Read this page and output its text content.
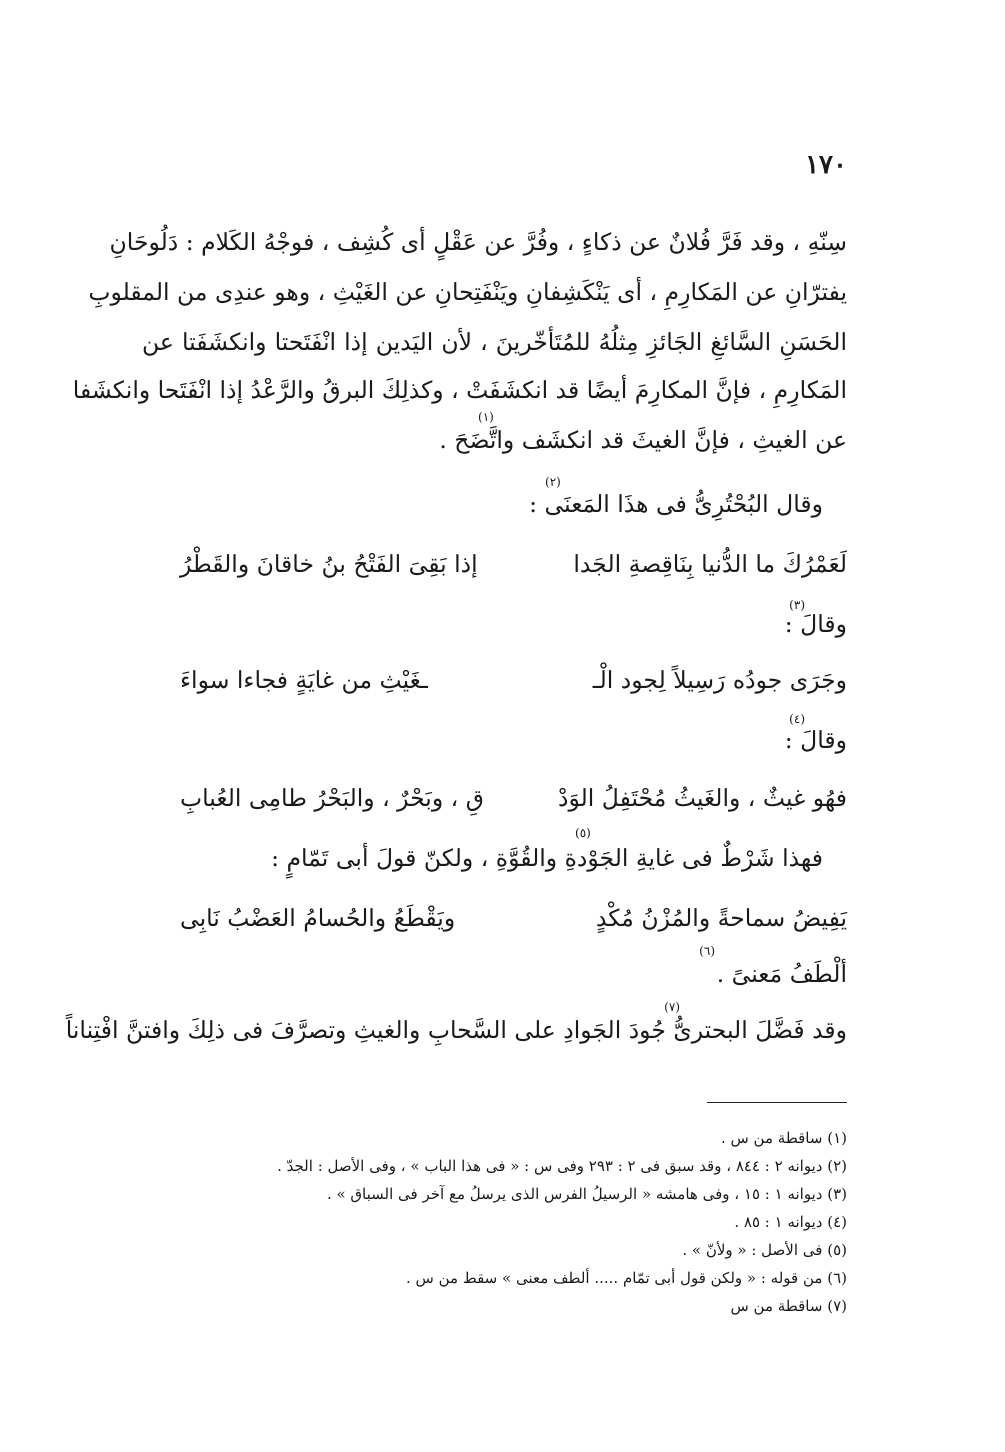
١٧٠
سِنّهِ ، وقد فَرَّ فُلانٌ عن ذكاءٍ ، وفُرَّ عن عَقْلٍ أى كُشِف ، فوجْهُ الكَلام : دَلُوحَانِ
يفترّانِ عن المَكارِمِ ، أى يَنْكَشِفانِ ويَنْفَتِحانِ عن الغَيْثِ ، وهو عندِى من المقلوبِ
الحَسَنِ السَّائغِ الجَائزِ مِثلُهُ للمُتَأخّرينَ ، لأن اليَدين إذا انْفَتَحتا وانكشَفَتا عن
المَكارِمِ ، فإنَّ المكارِمَ أيضًا قد انكشَفَتْ ، وكذلِكَ البرقُ والرَّعْدُ إذا انْفَتَحا وانكشَفا
(١)
عن الغيثِ ، فإنَّ الغيثَ قد انكشَف واتَّضَحَ .
(٢)
وقال البُحْتُرِىُّ فى هذَا المَعنَى :
لَعَمْرُكَ ما الدُّنيا بِنَاقِصةِ الجَدا
إذا بَقِىَ الفَتْحُ بنُ خاقانَ والقَطْرُ
(٣)
وقالَ :
وجَرَى جودُه رَسِيلاً لِجود الْـ
ـغَيْثِ من غايَةٍ فجاءا سواءَ
(٤)
وقالَ :
فهُو غيثٌ ، والغَيثُ مُحْتَفِلُ الوَدْ
قِ ، وبَحْرٌ ، والبَحْرُ طامِى العُبابِ
(٥)
فهذا شَرْطٌ فى غايةِ الجَوْدةِ والقُوَّةِ ، ولكنّ قولَ أبى تَمّامٍ :
يَفِيضُ سماحةً والمُزْنُ مُكْدٍ
ويَقْطَعُ والحُسامُ العَضْبُ نَابِى
(٦)
ألْطَفُ مَعنىً .
(٧)
وقد فَضَّلَ البحترىُّ جُودَ الجَوادِ على السَّحابِ والغيثِ وتصرَّفَ فى ذلِكَ وافتنَّ افْتِناناً
(١) ساقطة من س .
(٢) ديوانه ٢ : ٨٤٤ ، وقد سبق فى ٢ : ٢٩٣ وفى س : « فى هذا الباب » ، وفى الأصل : الجدّ .
(٣) ديوانه ١ : ١٥ ، وفى هامشه « الرسيلُ الفرس الذى يرسلُ مع آخر فى السباق » .
(٤) ديوانه ١ : ٨٥ .
(٥) فى الأصل : « ولأنّ » .
(٦) من قوله : « ولكن قول أبى تمّام ..... ألطف معنى » سقط من س .
(٧) ساقطة من س
